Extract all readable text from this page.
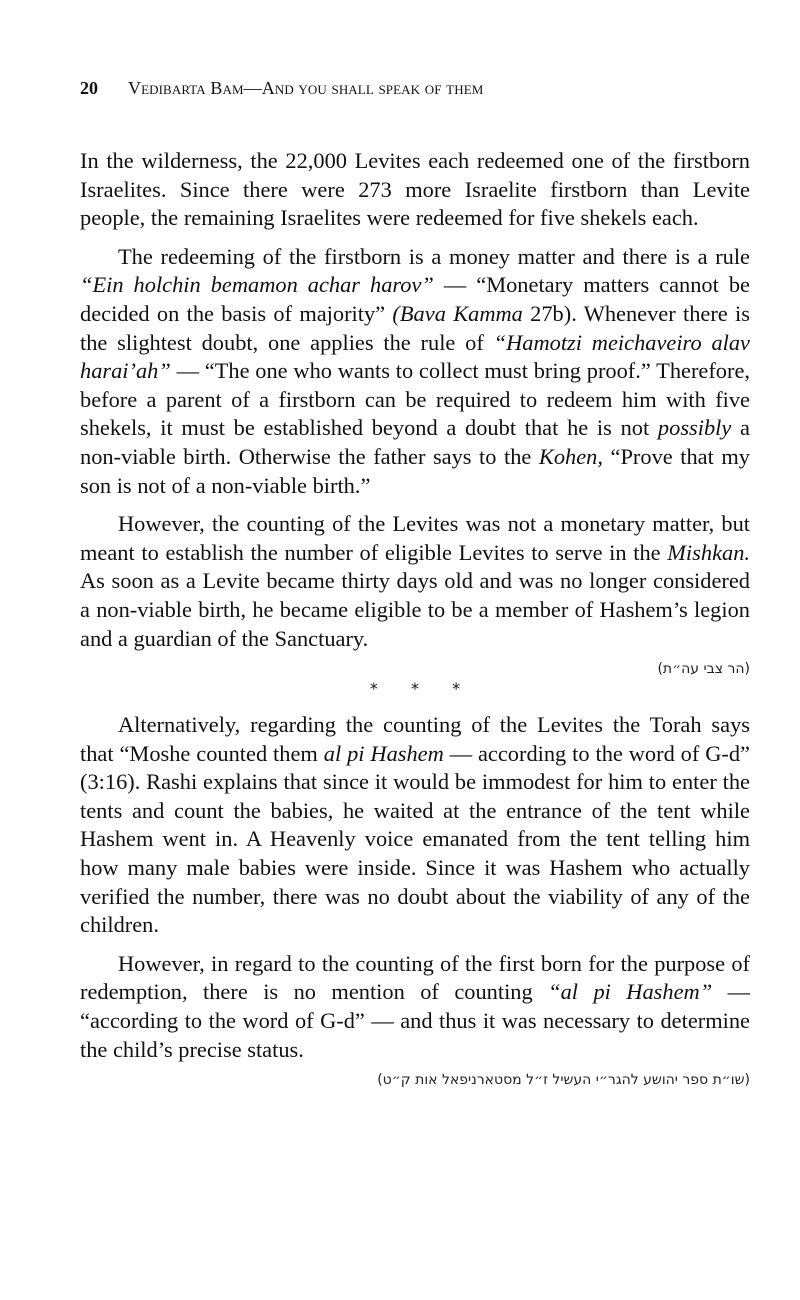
20 Vedibarta Bam—And you shall speak of them

In the wilderness, the 22,000 Levites each redeemed one of the firstborn Israelites. Since there were 273 more Israelite firstborn than Levite people, the remaining Israelites were redeemed for five shekels each.

The redeeming of the firstborn is a money matter and there is a rule “Ein holchin bemamon achar harov” — “Monetary matters cannot be decided on the basis of majority” (Bava Kamma 27b). Whenever there is the slightest doubt, one applies the rule of “Hamotzi meichaveiro alav harai’ah” — “The one who wants to collect must bring proof.” Therefore, before a parent of a firstborn can be required to redeem him with five shekels, it must be established beyond a doubt that he is not possibly a non-viable birth. Otherwise the father says to the Kohen, “Prove that my son is not of a non-viable birth.”

However, the counting of the Levites was not a monetary matter, but meant to establish the number of eligible Levites to serve in the Mishkan. As soon as a Levite became thirty days old and was no longer considered a non-viable birth, he became eligible to be a member of Hashem’s legion and a guardian of the Sanctuary.

(הר צבי עה״ת)
* * *

Alternatively, regarding the counting of the Levites the Torah says that “Moshe counted them al pi Hashem — according to the word of G-d” (3:16). Rashi explains that since it would be immodest for him to enter the tents and count the babies, he waited at the entrance of the tent while Hashem went in. A Heavenly voice emanated from the tent telling him how many male babies were inside. Since it was Hashem who actually verified the number, there was no doubt about the viability of any of the children.

However, in regard to the counting of the first born for the purpose of redemption, there is no mention of counting “al pi Hashem” — “according to the word of G-d” — and thus it was necessary to determine the child’s precise status.

(שו״ת ספר יהושע להגר״י העשיל ז״ל מסטארניפאל אות ק״ט)
